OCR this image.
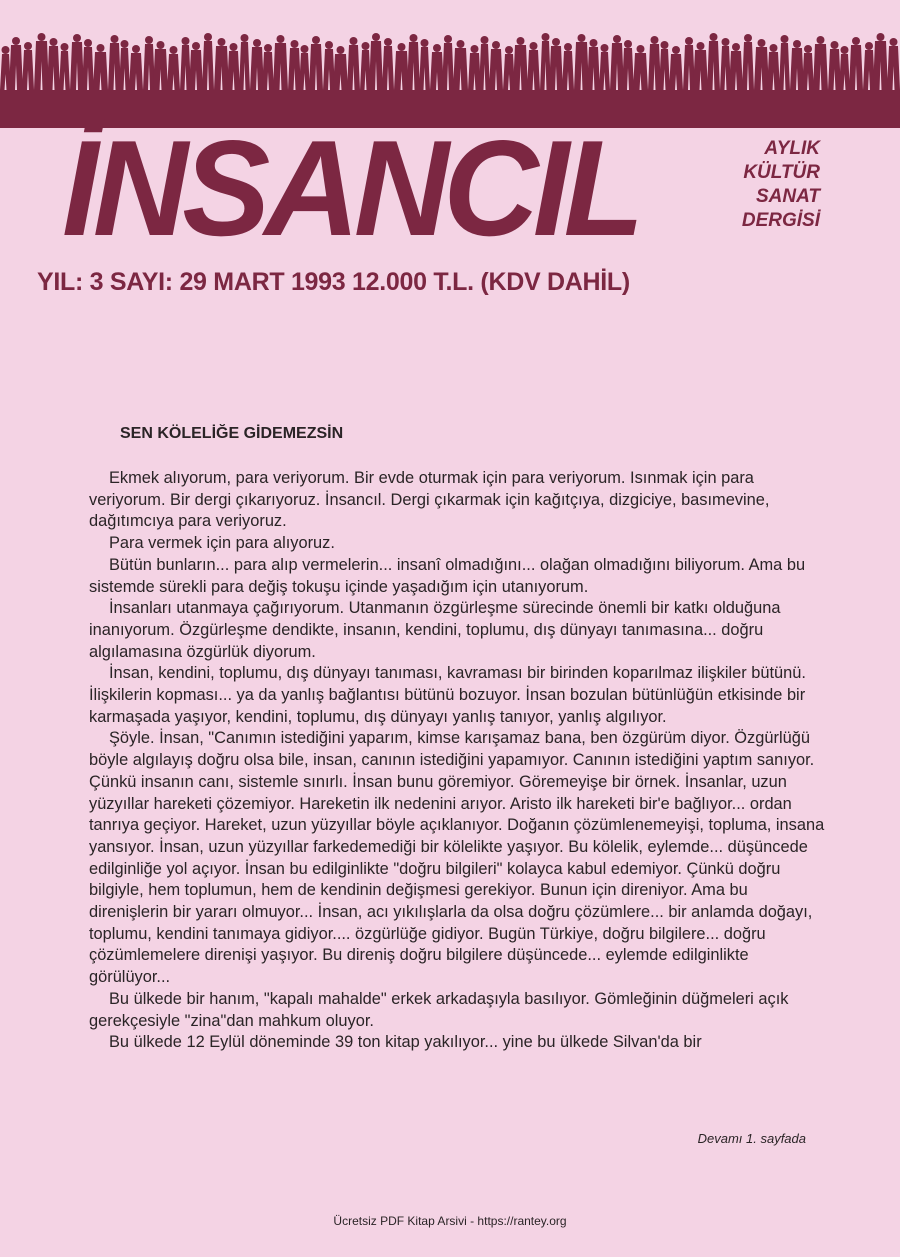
İNSANCIL	AYLIK
KÜLTÜR
SANAT
DERGİSİ
YIL: 3 SAYI: 29 MART 1993 12.000 T.L. (KDV DAHİL)
SEN KÖLELİĞE GİDEMEZSİN

Ekmek alıyorum, para veriyorum. Bir evde oturmak için para veriyorum. Isınmak için para veriyorum. Bir dergi çıkarıyoruz. İnsancıl. Dergi çıkarmak için kağıtçıya, dizgiciye, basımevine, dağıtımcıya para veriyoruz.

Para vermek için para alıyoruz.

Bütün bunların... para alıp vermelerin... insanî olmadığını... olağan olmadığını biliyorum. Ama bu sistemde sürekli para değiş tokuşu içinde yaşadığım için utanıyorum.

İnsanları utanmaya çağırıyorum. Utanmanın özgürleşme sürecinde önemli bir katkı olduğuna inanıyorum. Özgürleşme dendikte, insanın, kendini, toplumu, dış dünyayı tanımasına... doğru algılamasına özgürlük diyorum.

İnsan, kendini, toplumu, dış dünyayı tanıması, kavraması bir birinden koparılmaz ilişkiler bütünü. İlişkilerin kopması... ya da yanlış bağlantısı bütünü bozuyor. İnsan bozulan bütünlüğün etkisinde bir karmaşada yaşıyor, kendini, toplumu, dış dünyayı yanlış tanıyor, yanlış algılıyor.

Şöyle. İnsan, "Canımın istediğini yaparım, kimse karışamaz bana, ben özgürüm diyor. Özgürlüğü böyle algılayış doğru olsa bile, insan, canının istediğini yapamıyor. Canının istediğini yaptım sanıyor. Çünkü insanın canı, sistemle sınırlı. İnsan bunu göremiyor. Göremeyişe bir örnek. İnsanlar, uzun yüzyıllar hareketi çözemiyor. Hareketin ilk nedenini arıyor. Aristo ilk hareketi bir'e bağlıyor... ordan tanrıya geçiyor. Hareket, uzun yüzyıllar böyle açıklanıyor. Doğanın çözümlenemeyişi, topluma, insana yansıyor. İnsan, uzun yüzyıllar farkedemediği bir kölelikte yaşıyor. Bu kölelik, eylemde... düşüncede edilginliğe yol açıyor. İnsan bu edilginlikte "doğru bilgileri" kolayca kabul edemiyor. Çünkü doğru bilgiyle, hem toplumun, hem de kendinin değişmesi gerekiyor. Bunun için direniyor. Ama bu direnişlerin bir yararı olmuyor... İnsan, acı yıkılışlarla da olsa doğru çözümlere... bir anlamda doğayı, toplumu, kendini tanımaya gidiyor.... özgürlüğe gidiyor. Bugün Türkiye, doğru bilgilere... doğru çözümlemelere direnişi yaşıyor. Bu direniş doğru bilgilere düşüncede... eylemde edilginlikte görülüyor...

Bu ülkede bir hanım, "kapalı mahalde" erkek arkadaşıyla basılıyor. Gömleğinin düğmeleri açık gerekçesiyle "zina"dan mahkum oluyor.

Bu ülkede 12 Eylül döneminde 39 ton kitap yakılıyor... yine bu ülkede Silvan'da bir

Devamı 1. sayfada
Ücretsiz PDF Kitap Arsivi - https://rantey.org
